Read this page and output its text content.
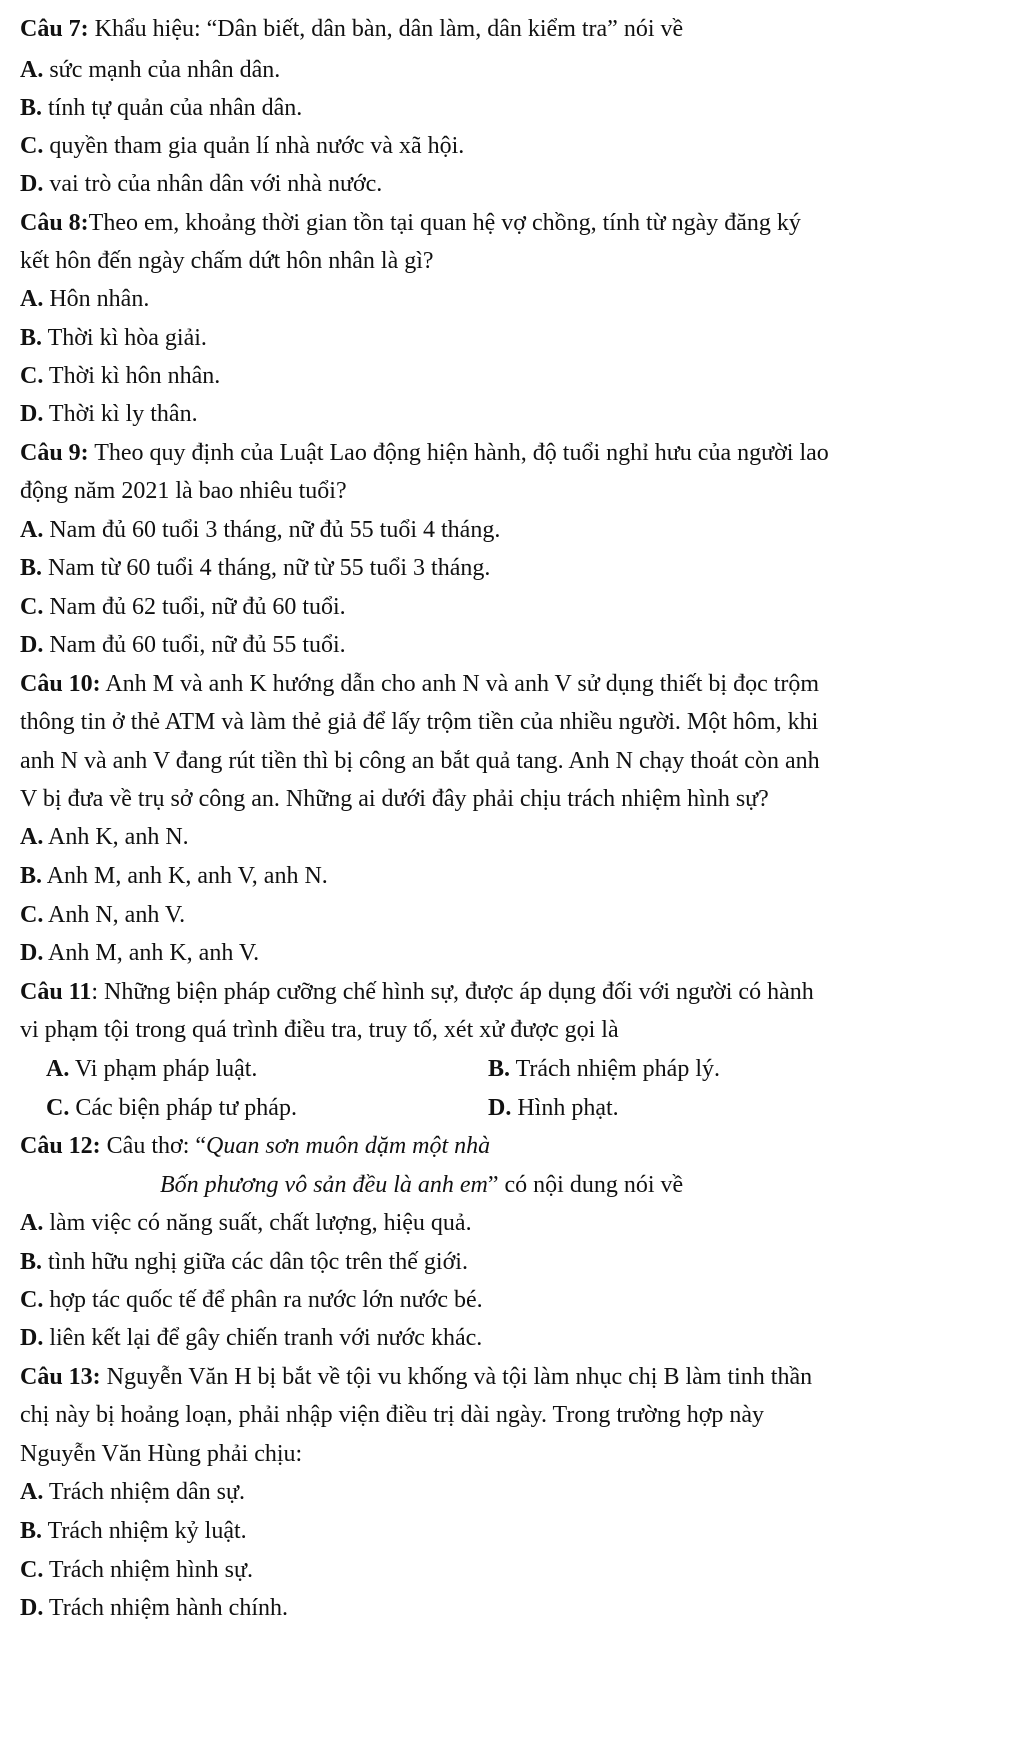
Câu 7: Khẩu hiệu: “Dân biết, dân bàn, dân làm, dân kiểm tra” nói về
A. sức mạnh của nhân dân.
B. tính tự quản của nhân dân.
C. quyền tham gia quản lí nhà nước và xã hội.
D. vai trò của nhân dân với nhà nước.
Câu 8:Theo em, khoảng thời gian tồn tại quan hệ vợ chồng, tính từ ngày đăng ký
kết hôn đến ngày chấm dứt hôn nhân là gì?
A. Hôn nhân.
B. Thời kì hòa giải.
C. Thời kì hôn nhân.
D. Thời kì ly thân.
Câu 9: Theo quy định của Luật Lao động hiện hành, độ tuổi nghỉ hưu của người lao
động năm 2021 là bao nhiêu tuổi?
A. Nam đủ 60 tuổi 3 tháng, nữ đủ 55 tuổi 4 tháng.
B. Nam từ 60 tuổi 4 tháng, nữ từ 55 tuổi 3 tháng.
C. Nam đủ 62 tuổi, nữ đủ 60 tuổi.
D. Nam đủ 60 tuổi, nữ đủ 55 tuổi.
Câu 10: Anh M và anh K hướng dẫn cho anh N và anh V sử dụng thiết bị đọc trộm
thông tin ở thẻ ATM và làm thẻ giả để lấy trộm tiền của nhiều người. Một hôm, khi
anh N và anh V đang rút tiền thì bị công an bắt quả tang. Anh N chạy thoát còn anh
V bị đưa về trụ sở công an. Những ai dưới đây phải chịu trách nhiệm hình sự?
A. Anh K, anh N.
B. Anh M, anh K, anh V, anh N.
C. Anh N, anh V.
D. Anh M, anh K, anh V.
Câu 11: Những biện pháp cưỡng chế hình sự, được áp dụng đối với người có hành
vi phạm tội trong quá trình điều tra, truy tố, xét xử được gọi là
A. Vi phạm pháp luật.	B. Trách nhiệm pháp lý.
C. Các biện pháp tư pháp.	D. Hình phạt.
Câu 12: Câu thơ: “Quan sơn muôn dặm một nhà
Bốn phương vô sản đều là anh em” có nội dung nói về
A. làm việc có năng suất, chất lượng, hiệu quả.
B. tình hữu nghị giữa các dân tộc trên thế giới.
C. hợp tác quốc tế để phân ra nước lớn nước bé.
D. liên kết lại để gây chiến tranh với nước khác.
Câu 13: Nguyễn Văn H bị bắt về tội vu khống và tội làm nhục chị B làm tinh thần
chị này bị hoảng loạn, phải nhập viện điều trị dài ngày. Trong trường hợp này
Nguyễn Văn Hùng phải chịu:
A. Trách nhiệm dân sự.
B. Trách nhiệm kỷ luật.
C. Trách nhiệm hình sự.
D. Trách nhiệm hành chính.
